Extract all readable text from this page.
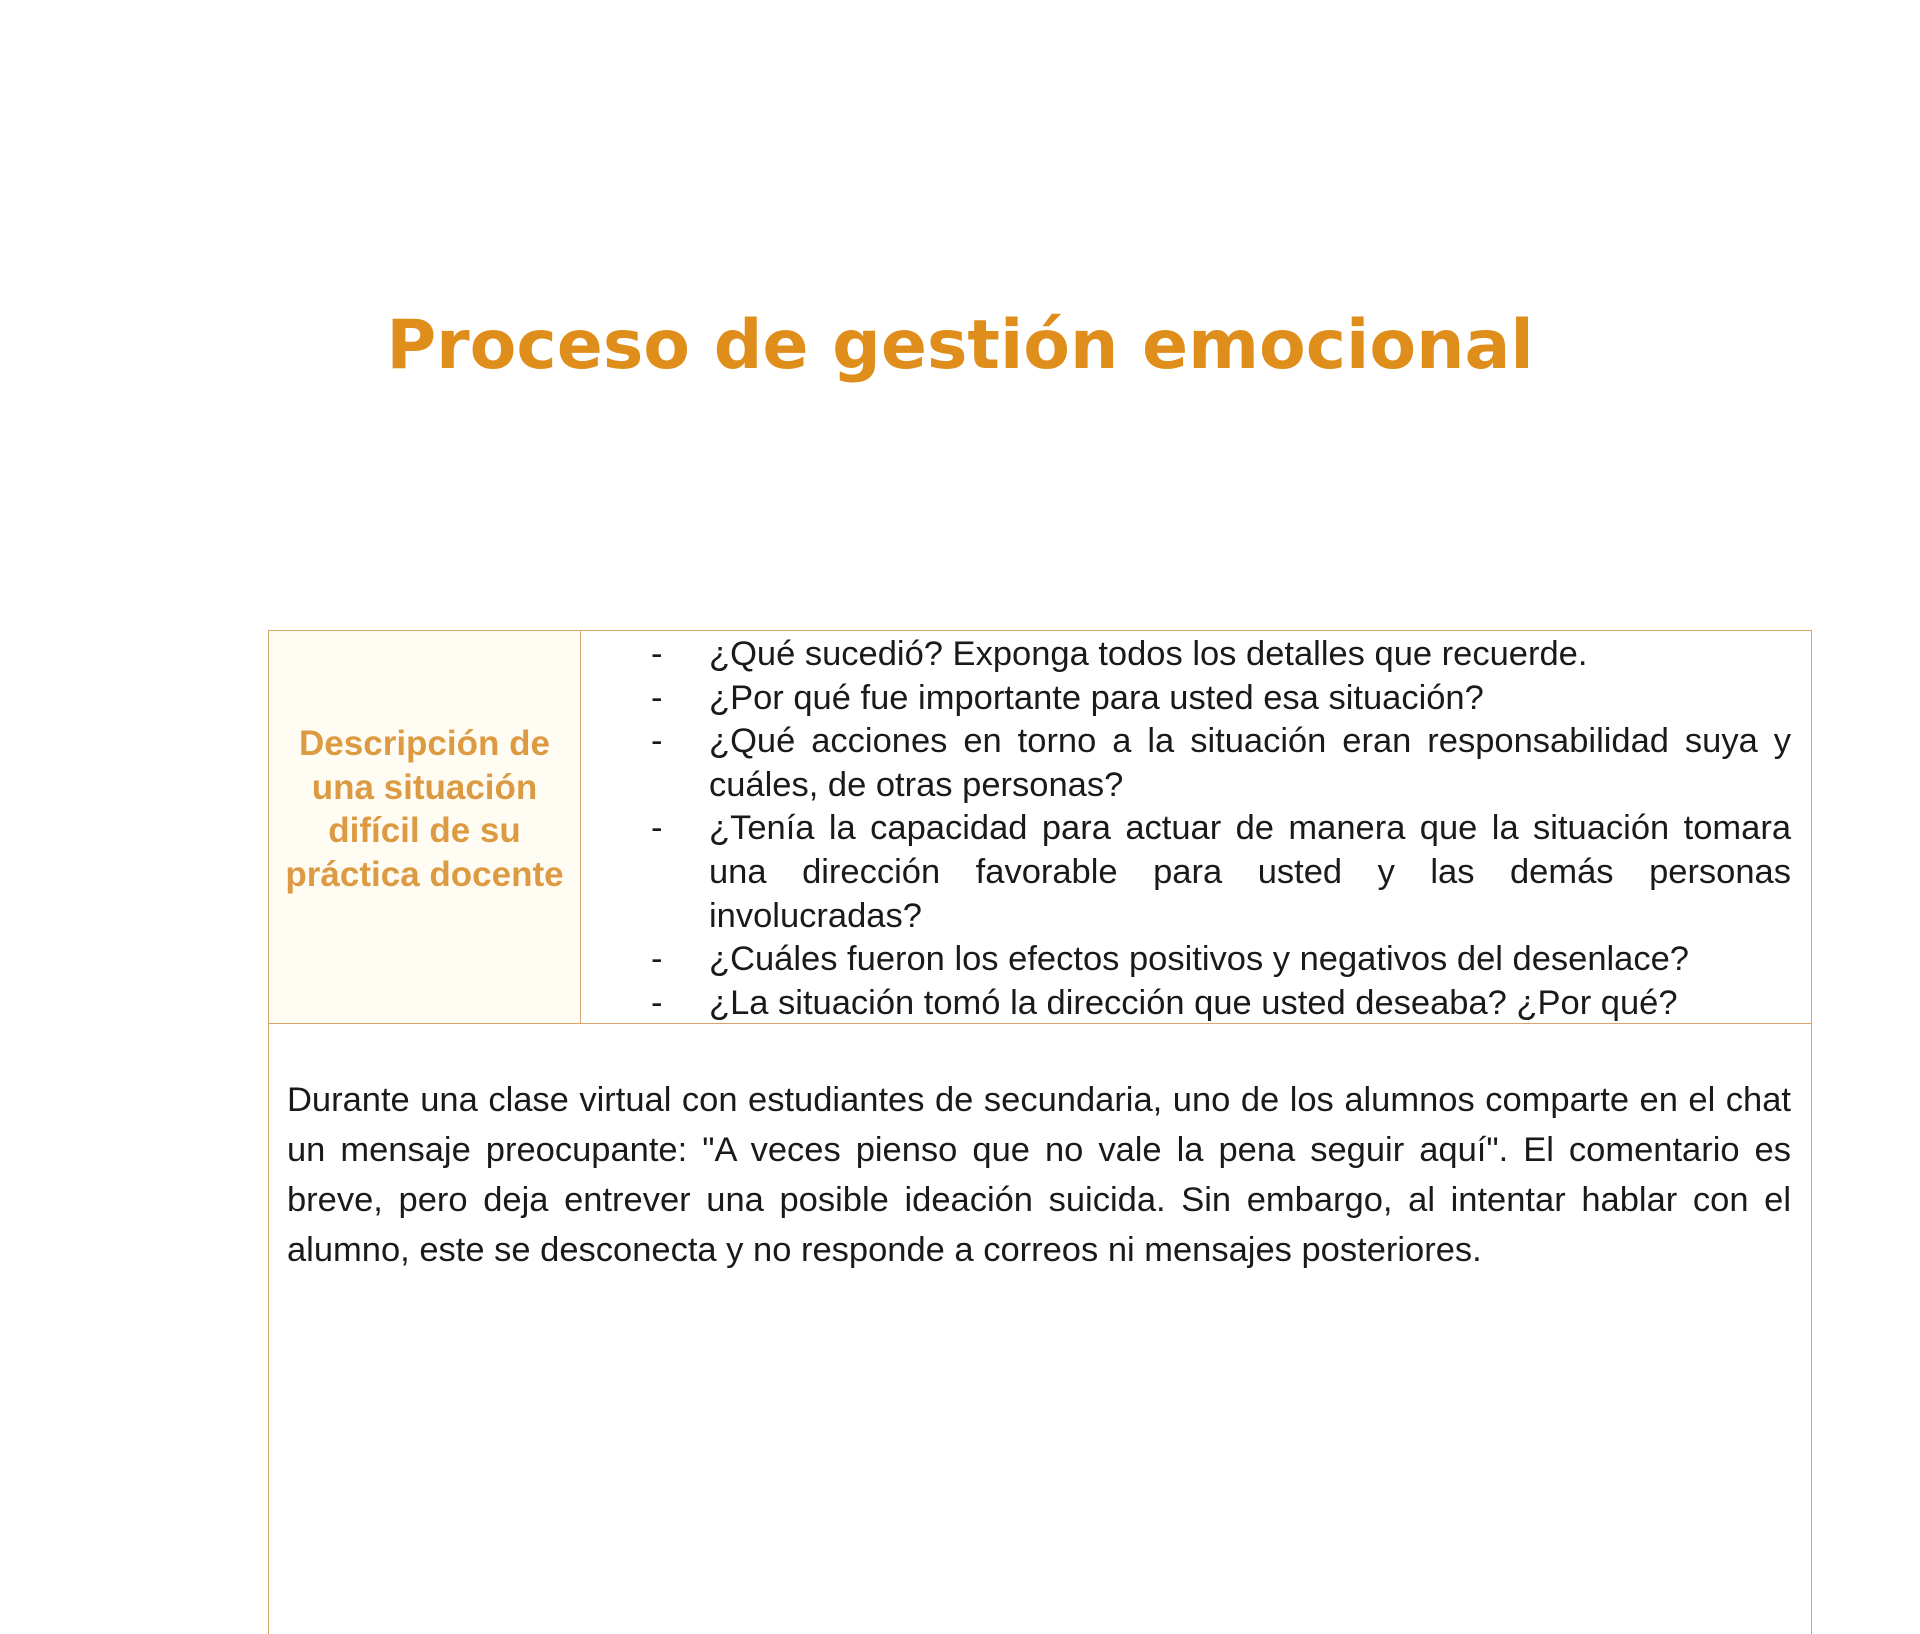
Proceso de gestión emocional
Descripción de una situación difícil de su práctica docente
- ¿Qué sucedió? Exponga todos los detalles que recuerde.
- ¿Por qué fue importante para usted esa situación?
- ¿Qué acciones en torno a la situación eran responsabilidad suya y cuáles, de otras personas?
- ¿Tenía la capacidad para actuar de manera que la situación tomara una dirección favorable para usted y las demás personas involucradas?
- ¿Cuáles fueron los efectos positivos y negativos del desenlace?
- ¿La situación tomó la dirección que usted deseaba? ¿Por qué?

Durante una clase virtual con estudiantes de secundaria, uno de los alumnos comparte en el chat un mensaje preocupante: "A veces pienso que no vale la pena seguir aquí". El comentario es breve, pero deja entrever una posible ideación suicida. Sin embargo, al intentar hablar con el alumno, este se desconecta y no responde a correos ni mensajes posteriores.
